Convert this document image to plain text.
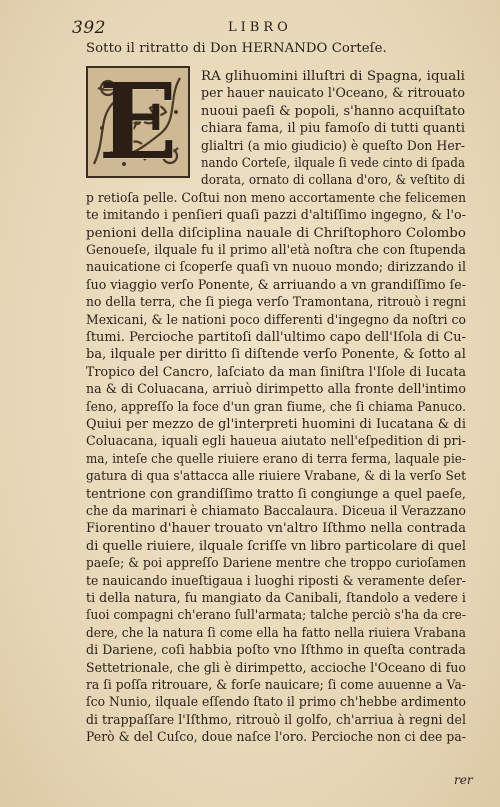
392	LIBRO
Sotto il ritratto di Don HERNANDO Corteſe.
E	RA glihuomini illuſtri di Spagna, iquali
per hauer nauicato l'Oceano, & ritrouato
nuoui paeſi & popoli, s'hanno acquiſtato
chiara fama, il piu famoſo di tutti quanti
glialtri (a mio giudicio) è queſto Don Her-
nando Corteſe, ilquale ſi vede cinto di ſpada
dorata, ornato di collana d'oro, & veſtito di
p retioſa pelle. Coſtui non meno accortamente che felicemen
te imitando i penſieri quaſi pazzi d'altiſſimo ingegno, & l'o-
penioni della diſciplina nauale di Chriſtophoro Colombo
Genoueſe, ilquale fu il primo all'età noſtra che con ſtupenda
nauicatione ci ſcoperſe quaſi vn nuouo mondo; dirizzando il
ſuo viaggio verſo Ponente, & arriuando a vn grandiſſimo ſe-
no della terra, che ſi piega verſo Tramontana, ritrouò i regni
Mexicani, & le nationi poco differenti d'ingegno da noſtri co
ſtumi. Percioche partitoſi dall'ultimo capo dell'Iſola di Cu-
ba, ilquale per diritto ſi diſtende verſo Ponente, & ſotto al
Tropico del Cancro, laſciato da man ſiniſtra l'Iſole di Iucata
na & di Coluacana, arriuò dirimpetto alla fronte dell'intimo
ſeno, appreſſo la foce d'un gran fiume, che ſi chiama Panuco.
Quiui per mezzo de gl'interpreti huomini di Iucatana & di
Coluacana, iquali egli haueua aiutato nell'eſpedition di pri-
ma, inteſe che quelle riuiere erano di terra ferma, laquale pie-
gatura di qua s'attacca alle riuiere Vrabane, & di la verſo Set
tentrione con grandiſſimo tratto ſi congiunge a quel paeſe,
che da marinari è chiamato Baccalaura. Diceua il Verazzano
Fiorentino d'hauer trouato vn'altro Iſthmo nella contrada
di quelle riuiere, ilquale ſcriſſe vn libro particolare di quel
paeſe; & poi appreſſo Dariene mentre che troppo curioſamen
te nauicando inueſtigaua i luoghi riposti & veramente deſer-
ti della natura, fu mangiato da Canibali, ſtandolo a vedere i
ſuoi compagni ch'erano ſull'armata; talche perciò s'ha da cre-
dere, che la natura ſi come ella ha fatto nella riuiera Vrabana
di Dariene, coſi habbia poſto vno Iſthmo in queſta contrada
Settetrionale, che gli è dirimpetto, accioche l'Oceano di fuo
ra ſi poſſa ritrouare, & forſe nauicare; ſi come auuenne a Va-
ſco Nunio, ilquale eſſendo ſtato il primo ch'hebbe ardimento
di trappaſſare l'Iſthmo, ritrouò il golfo, ch'arriua à regni del
Però & del Cuſco, doue naſce l'oro. Percioche non ci dee pa-
rer
